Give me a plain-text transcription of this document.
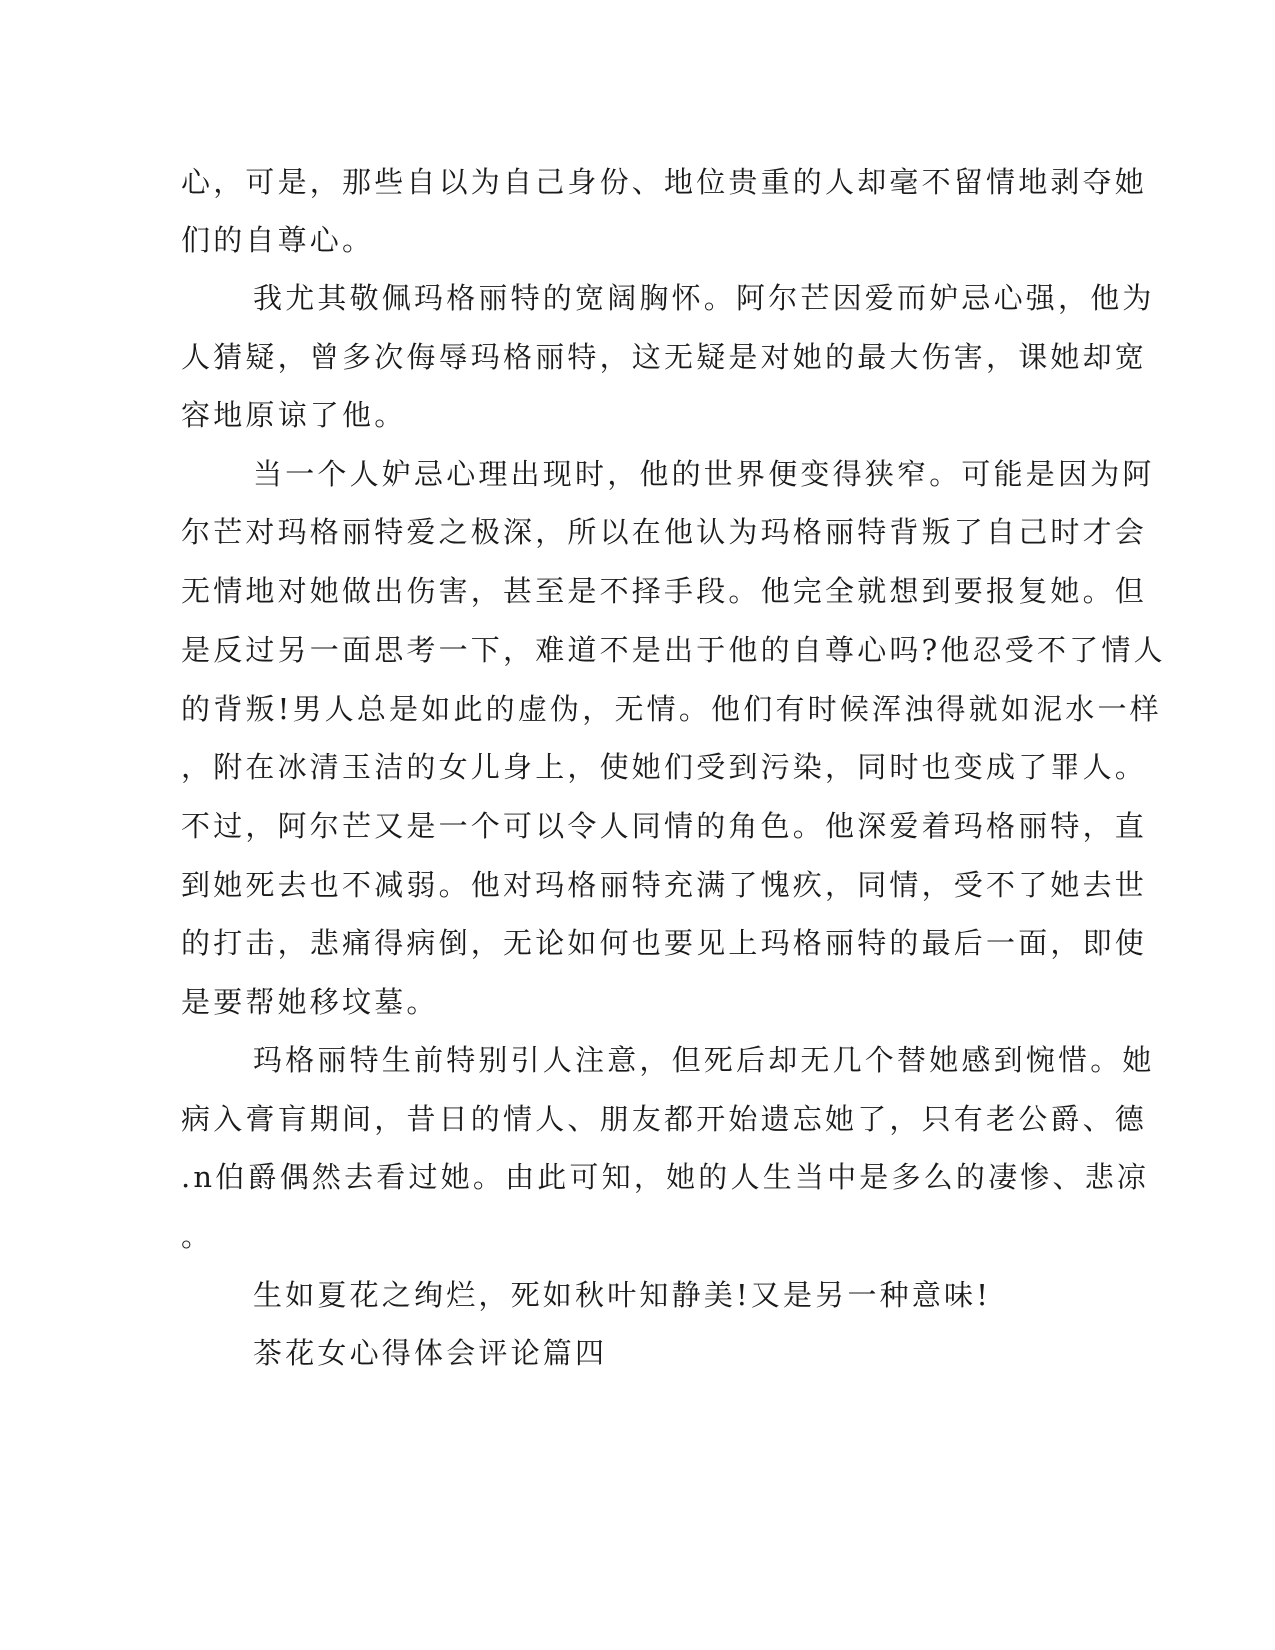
心，可是，那些自以为自己身份、地位贵重的人却毫不留情地剥夺她

们的自尊心。

我尤其敬佩玛格丽特的宽阔胸怀。阿尔芒因爱而妒忌心强，他为

人猜疑，曾多次侮辱玛格丽特，这无疑是对她的最大伤害，课她却宽

容地原谅了他。

当一个人妒忌心理出现时，他的世界便变得狭窄。可能是因为阿

尔芒对玛格丽特爱之极深，所以在他认为玛格丽特背叛了自己时才会

无情地对她做出伤害，甚至是不择手段。他完全就想到要报复她。但

是反过另一面思考一下，难道不是出于他的自尊心吗?他忍受不了情人

的背叛!男人总是如此的虚伪，无情。他们有时候浑浊得就如泥水一样

，附在冰清玉洁的女儿身上，使她们受到污染，同时也变成了罪人。

不过，阿尔芒又是一个可以令人同情的角色。他深爱着玛格丽特，直

到她死去也不减弱。他对玛格丽特充满了愧疚，同情，受不了她去世

的打击，悲痛得病倒，无论如何也要见上玛格丽特的最后一面，即使

是要帮她移坟墓。

玛格丽特生前特别引人注意，但死后却无几个替她感到惋惜。她

病入膏肓期间，昔日的情人、朋友都开始遗忘她了，只有老公爵、德

.n伯爵偶然去看过她。由此可知，她的人生当中是多么的凄惨、悲凉

。

生如夏花之绚烂，死如秋叶知静美!又是另一种意味!

茶花女心得体会评论篇四
